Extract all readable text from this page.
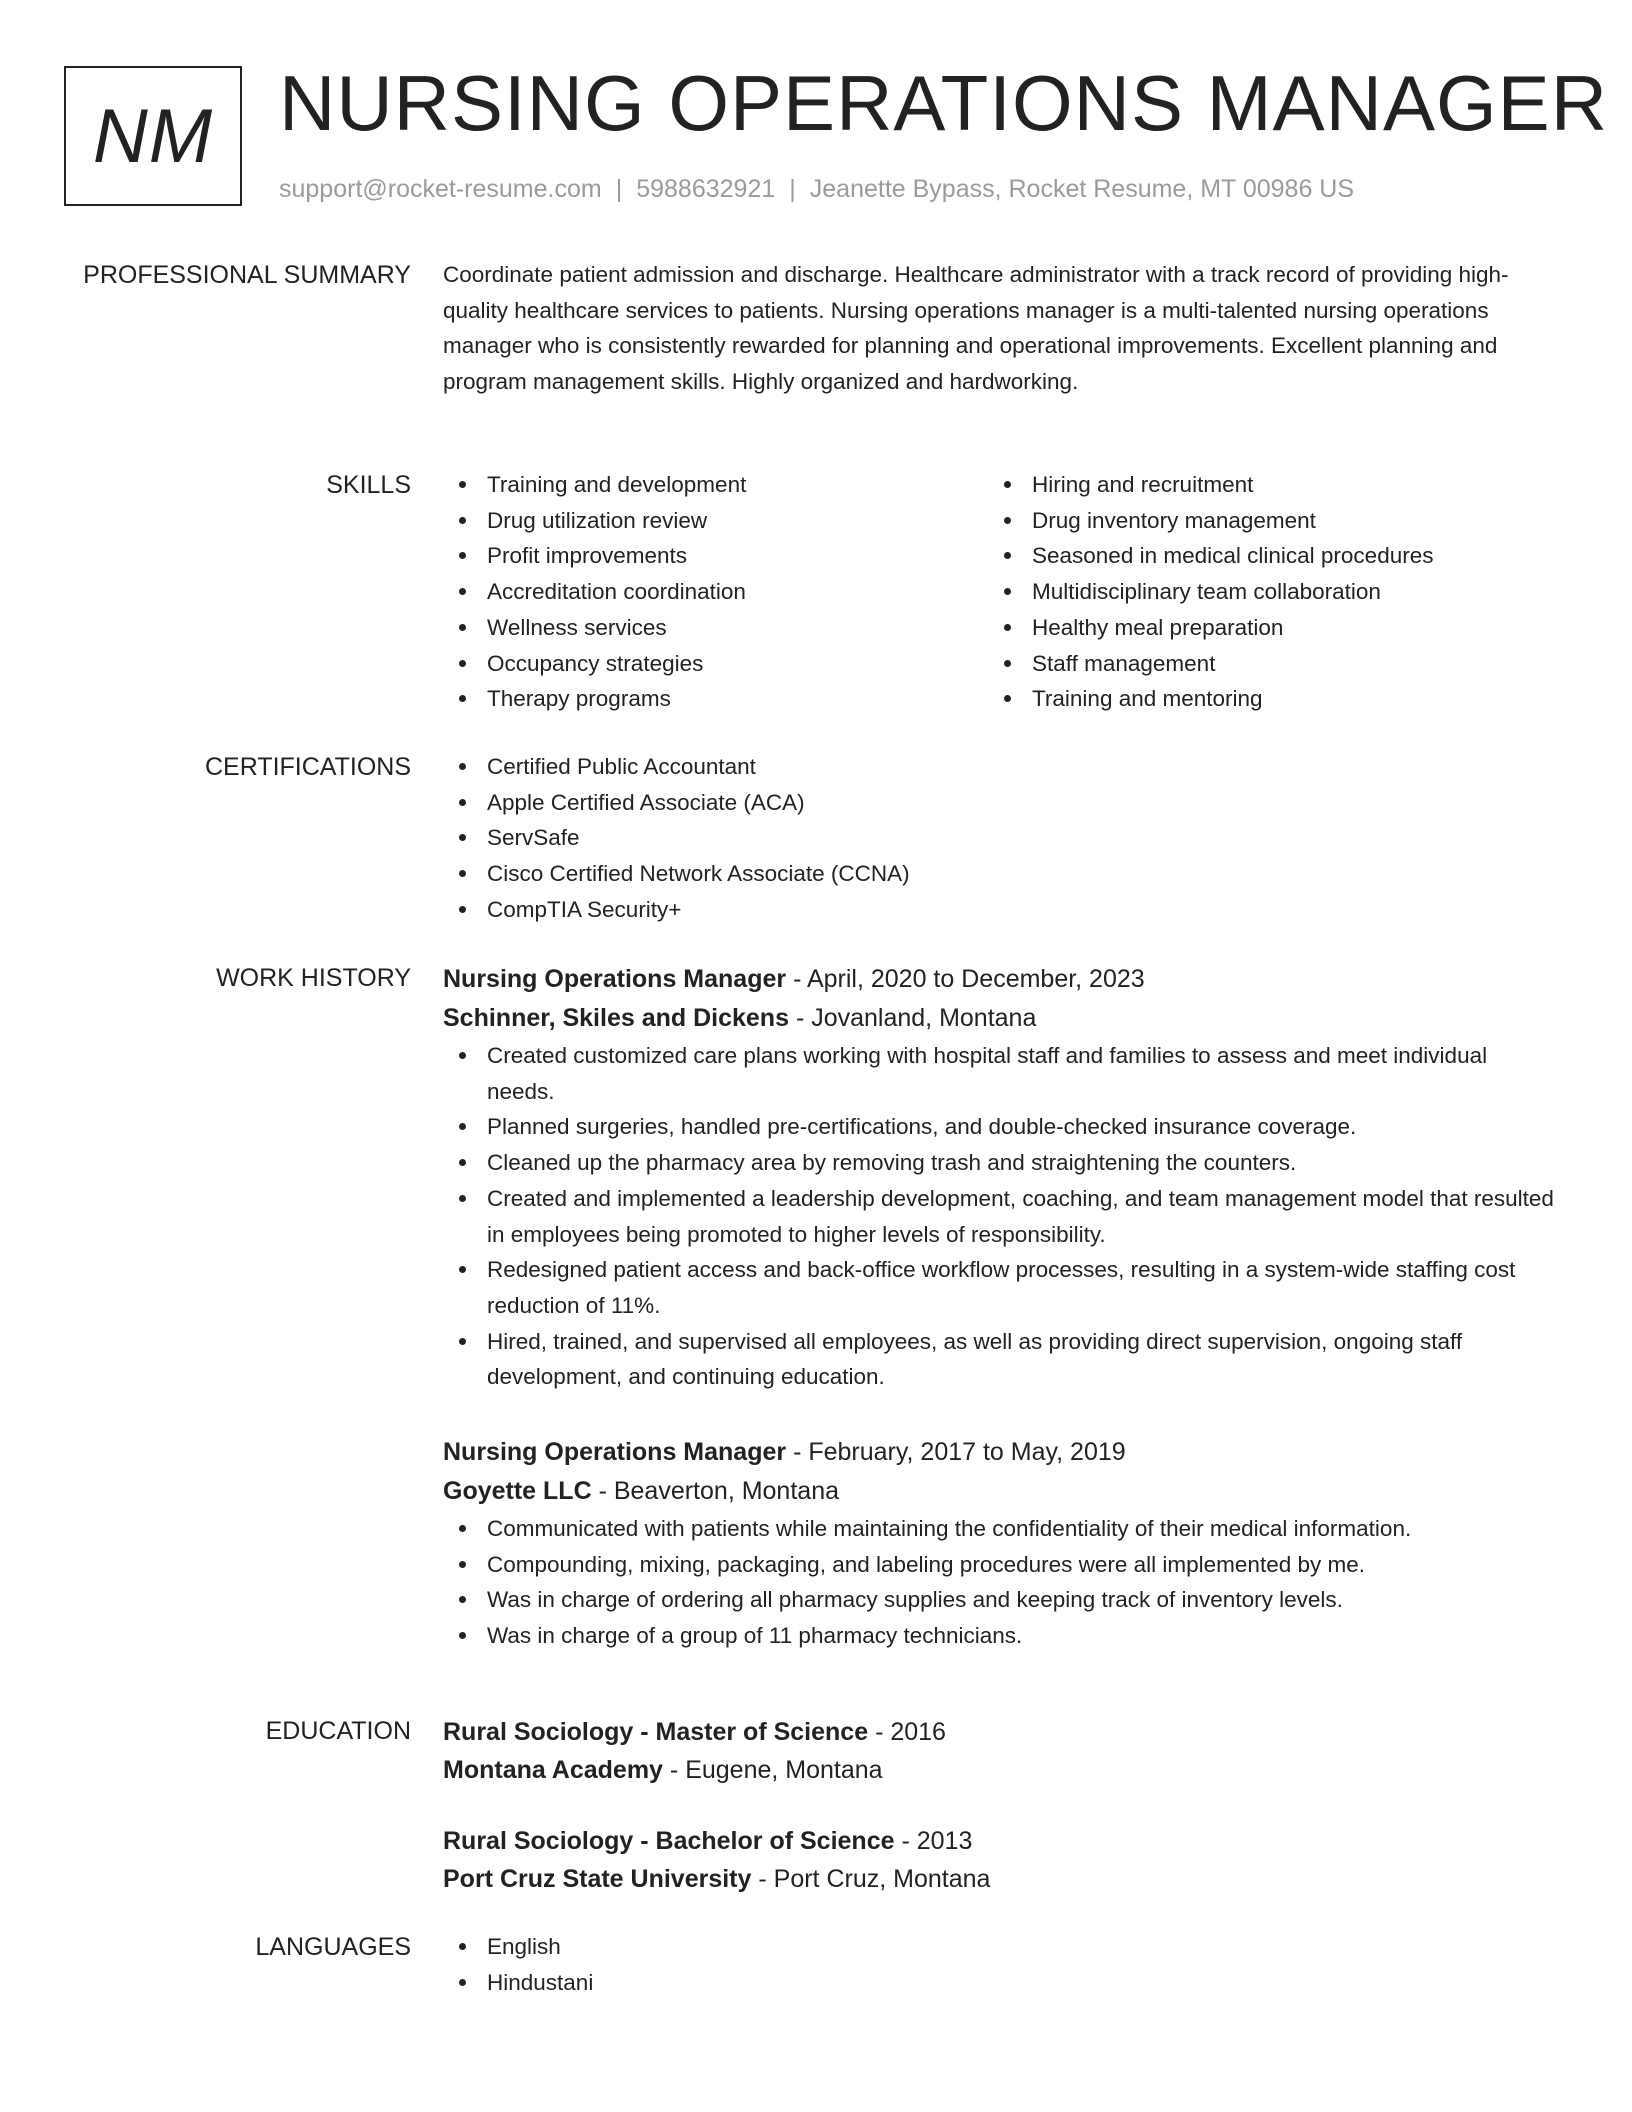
NM NURSING OPERATIONS MANAGER
support@rocket-resume.com | 5988632921 | Jeanette Bypass, Rocket Resume, MT 00986 US
PROFESSIONAL SUMMARY Coordinate patient admission and discharge. Healthcare administrator with a track record of providing high-quality healthcare services to patients. Nursing operations manager is a multi-talented nursing operations manager who is consistently rewarded for planning and operational improvements. Excellent planning and program management skills. Highly organized and hardworking.
SKILLS	Training and development
Drug utilization review
Profit improvements
Accreditation coordination
Wellness services
Occupancy strategies
Therapy programs
Hiring and recruitment
Drug inventory management
Seasoned in medical clinical procedures
Multidisciplinary team collaboration
Healthy meal preparation
Staff management
Training and mentoring
CERTIFICATIONS	Certified Public Accountant
Apple Certified Associate (ACA)
ServSafe
Cisco Certified Network Associate (CCNA)
CompTIA Security+
WORK HISTORY Nursing Operations Manager - April, 2020 to December, 2023
Schinner, Skiles and Dickens - Jovanland, Montana
Created customized care plans working with hospital staff and families to assess and meet individual needs.
Planned surgeries, handled pre-certifications, and double-checked insurance coverage.
Cleaned up the pharmacy area by removing trash and straightening the counters.
Created and implemented a leadership development, coaching, and team management model that resulted in employees being promoted to higher levels of responsibility.
Redesigned patient access and back-office workflow processes, resulting in a system-wide staffing cost reduction of 11%.
Hired, trained, and supervised all employees, as well as providing direct supervision, ongoing staff development, and continuing education.
Nursing Operations Manager - February, 2017 to May, 2019
Goyette LLC - Beaverton, Montana
Communicated with patients while maintaining the confidentiality of their medical information.
Compounding, mixing, packaging, and labeling procedures were all implemented by me.
Was in charge of ordering all pharmacy supplies and keeping track of inventory levels.
Was in charge of a group of 11 pharmacy technicians.
EDUCATION Rural Sociology - Master of Science - 2016
Montana Academy - Eugene, Montana
Rural Sociology - Bachelor of Science - 2013
Port Cruz State University - Port Cruz, Montana
LANGUAGES	English
Hindustani
